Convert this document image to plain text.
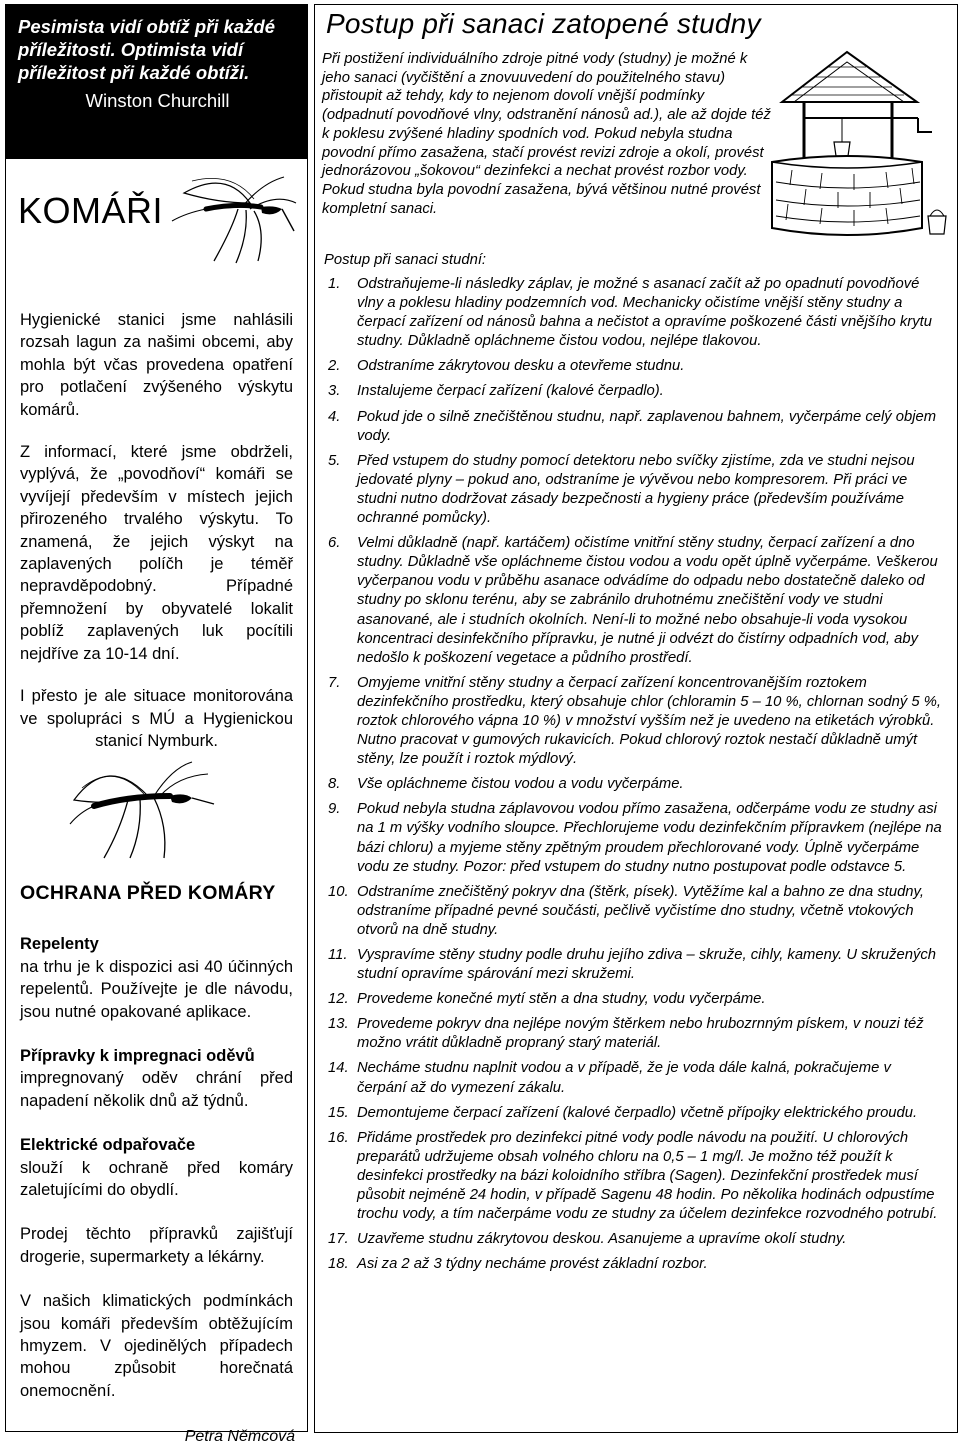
Pesimista vidí obtíž při každé příležitosti. Optimista vidí příležitost při každé obtíži.
Winston Churchill
KOMÁŘI
Hygienické stanici jsme nahlásili rozsah lagun za našimi obcemi, aby mohla být včas provedena opatření pro potlačení zvýšeného výskytu komárů.
Z informací, které jsme obdrželi, vyplývá, že „povodňoví“ komáři se vyvíjejí především v místech jejich přirozeného trvalého výskytu. To znamená, že jejich výskyt na zaplavených políčh je téměř nepravděpodobný. Případné přemnožení by obyvatelé lokalit poblíž zaplavených luk pocítili nejdříve za 10-14 dní.
I přesto je ale situace monitorována ve spolupráci s MÚ a Hygienickou stanicí Nymburk.
OCHRANA PŘED KOMÁRY
Repelenty
na trhu je k dispozici asi 40 účinných repelentů. Používejte je dle návodu, jsou nutné opakované aplikace.
Přípravky k impregnaci oděvů
impregnovaný oděv chrání před napadení několik dnů až týdnů.
Elektrické odpařovače
slouží k ochraně před komáry zaletujícími do obydlí.
Prodej těchto přípravků zajišťují drogerie, supermarkety a lékárny.
V našich klimatických podmínkách jsou komáři především obtěžujícím hmyzem. V ojedinělých případech mohou způsobit horečnatá onemocnění.
Petra Němcová
Postup při sanaci zatopené studny
Při postižení individuálního zdroje pitné vody (studny) je možné k jeho sanaci (vyčištění a znovuuvedení do použitelného stavu) přistoupit až tehdy, kdy to nejenom dovolí vnější podmínky (odpadnutí povodňové vlny, odstranění nánosů ad.), ale až dojde též k poklesu zvýšené hladiny spodních vod. Pokud nebyla studna povodní přímo zasažena, stačí provést revizi zdroje a okolí, provést jednorázovou „šokovou“ dezinfekci a nechat provést rozbor vody. Pokud studna byla povodní zasažena, bývá většinou nutné provést kompletní sanaci.
Postup při sanaci studní:
1. Odstraňujeme-li následky záplav, je možné s asanací začít až po opadnutí povodňové vlny a poklesu hladiny podzemních vod. Mechanicky očistíme vnější stěny studny a čerpací zařízení od nánosů bahna a nečistot a opravíme poškozené části vnějšího krytu studny. Důkladně opláchneme čistou vodou, nejlépe tlakovou.
2. Odstraníme zákrytovou desku a otevřeme studnu.
3. Instalujeme čerpací zařízení (kalové čerpadlo).
4. Pokud jde o silně znečištěnou studnu, např. zaplavenou bahnem, vyčerpáme celý objem vody.
5. Před vstupem do studny pomocí detektoru nebo svíčky zjistíme, zda ve studni nejsou jedovaté plyny – pokud ano, odstraníme je vývěvou nebo kompresorem. Při práci ve studni nutno dodržovat zásady bezpečnosti a hygieny práce (především používáme ochranné pomůcky).
6. Velmi důkladně (např. kartáčem) očistíme vnitřní stěny studny, čerpací zařízení a dno studny. Důkladně vše opláchneme čistou vodou a vodu opět úplně vyčerpáme. Veškerou vyčerpanou vodu v průběhu asanace odvádíme do odpadu nebo dostatečně daleko od studny po sklonu terénu, aby se zabránilo druhotnému znečištění vody ve studni asanované, ale i studních okolních. Není-li to možné nebo obsahuje-li voda vysokou koncentraci desinfekčního přípravku, je nutné ji odvézt do čistírny odpadních vod, aby nedošlo k poškození vegetace a půdního prostředí.
7. Omyjeme vnitřní stěny studny a čerpací zařízení koncentrovanějším roztokem dezinfekčního prostředku, který obsahuje chlor (chloramin 5 – 10 %, chlornan sodný 5 %, roztok chlorového vápna 10 %) v množství vyšším než je uvedeno na etiketách výrobků. Nutno pracovat v gumových rukavicích. Pokud chlorový roztok nestačí důkladně umýt stěny, lze použít i roztok mýdlový.
8. Vše opláchneme čistou vodou a vodu vyčerpáme.
9. Pokud nebyla studna záplavovou vodou přímo zasažena, odčerpáme vodu ze studny asi na 1 m výšky vodního sloupce. Přechlorujeme vodu dezinfekčním přípravkem (nejlépe na bázi chloru) a myjeme stěny zpětným proudem přechlorované vody. Úplně vyčerpáme vodu ze studny. Pozor: před vstupem do studny nutno postupovat podle odstavce 5.
10. Odstraníme znečištěný pokryv dna (štěrk, písek). Vytěžíme kal a bahno ze dna studny, odstraníme případné pevné součásti, pečlivě vyčistíme dno studny, včetně vtokových otvorů na dně studny.
11. Vyspravíme stěny studny podle druhu jejího zdiva – skruže, cihly, kameny. U skružených studní opravíme spárování mezi skružemi.
12. Provedeme konečné mytí stěn a dna studny, vodu vyčerpáme.
13. Provedeme pokryv dna nejlépe novým štěrkem nebo hrubozrnným pískem, v nouzi též možno vrátit důkladně propraný starý materiál.
14. Necháme studnu naplnit vodou a v případě, že je voda dále kalná, pokračujeme v čerpání až do vymezení zákalu.
15. Demontujeme čerpací zařízení (kalové čerpadlo) včetně přípojky elektrického proudu.
16. Přidáme prostředek pro dezinfekci pitné vody podle návodu na použití. U chlorových preparátů udržujeme obsah volného chloru na 0,5 – 1 mg/l. Je možno též použít k desinfekci prostředky na bázi koloidního stříbra (Sagen). Dezinfekční prostředek musí působit nejméně 24 hodin, v případě Sagenu 48 hodin. Po několika hodinách odpustíme trochu vody, a tím načerpáme vodu ze studny za účelem dezinfekce rozvodného potrubí.
17. Uzavřeme studnu zákrytovou deskou. Asanujeme a upravíme okolí studny.
18. Asi za 2 až 3 týdny necháme provést základní rozbor.
